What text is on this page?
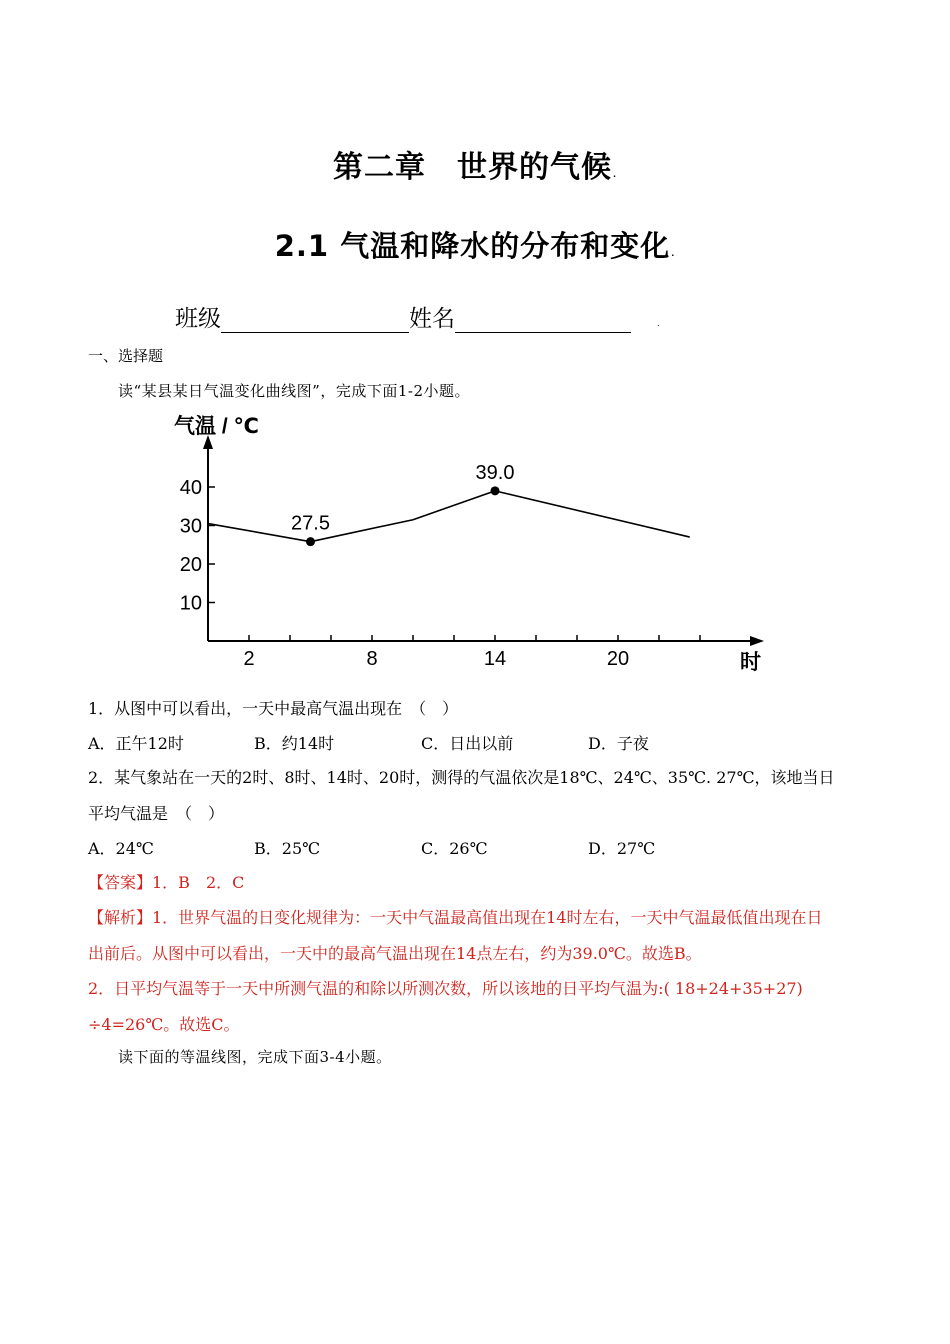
第二章　世界的气候.
2.1 气温和降水的分布和变化.
班级	姓名	.
一、选择题
读“某县某日气温变化曲线图”，完成下面1-2小题。
气温 / ℃
时
10
20
30
40
2	8	14	20
27.5
39.0
1．从图中可以看出，一天中最高气温出现在　（　）
A．正午12时	B．约14时	C．日出以前	D．子夜
2．某气象站在一天的2时、8时、14时、20时，测得的气温依次是18℃、24℃、35℃. 27℃，该地当日
平均气温是　（　）
A．24℃	B．25℃	C．26℃	D．27℃
【答案】1．B　2．C
【解析】1．世界气温的日变化规律为：一天中气温最高值出现在14时左右，一天中气温最低值出现在日
出前后。从图中可以看出，一天中的最高气温出现在14点左右，约为39.0℃。故选B。
2．日平均气温等于一天中所测气温的和除以所测次数，所以该地的日平均气温为:( 18+24+35+27)
÷4=26℃。故选C。
读下面的等温线图，完成下面3-4小题。
